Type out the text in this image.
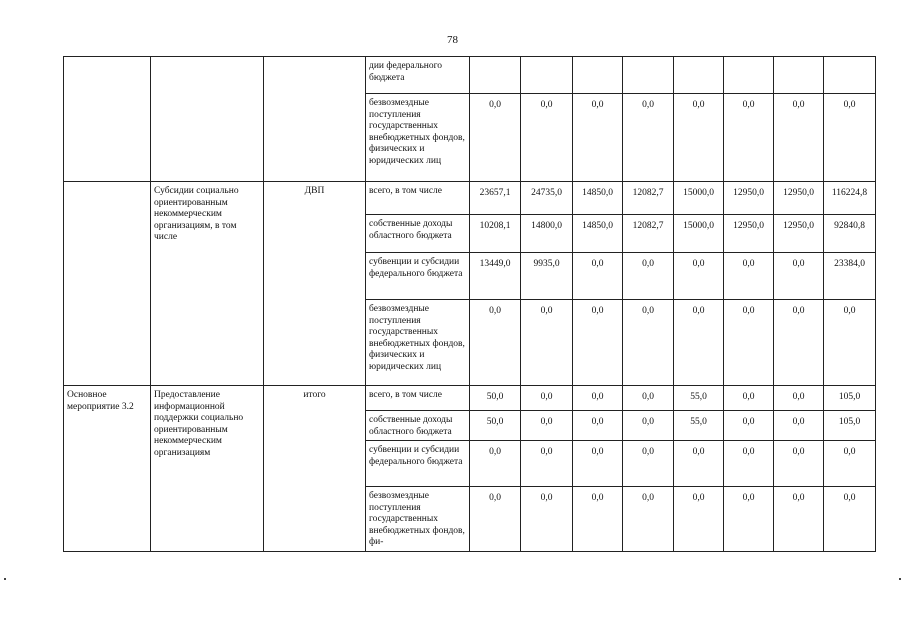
78
			дии федерального бюджета								
			безвозмездные поступления государственных внебюджетных фондов, физических и юридических лиц	0,0	0,0	0,0	0,0	0,0	0,0	0,0	0,0
	Субсидии социально ориентированным некоммерческим организациям, в том числе	ДВП	всего, в том числе	23657,1	24735,0	14850,0	12082,7	15000,0	12950,0	12950,0	116224,8
			собственные доходы областного бюджета	10208,1	14800,0	14850,0	12082,7	15000,0	12950,0	12950,0	92840,8
			субвенции и субсидии федерального бюджета	13449,0	9935,0	0,0	0,0	0,0	0,0	0,0	23384,0
			безвозмездные поступления государственных внебюджетных фондов, физических и юридических лиц	0,0	0,0	0,0	0,0	0,0	0,0	0,0	0,0
Основное мероприятие 3.2	Предоставление информационной поддержки социально ориентированным некоммерческим организациям	итого	всего, в том числе	50,0	0,0	0,0	0,0	55,0	0,0	0,0	105,0
			собственные доходы областного бюджета	50,0	0,0	0,0	0,0	55,0	0,0	0,0	105,0
			субвенции и субсидии федерального бюджета	0,0	0,0	0,0	0,0	0,0	0,0	0,0	0,0
			безвозмездные поступления государственных внебюджетных фондов, фи-	0,0	0,0	0,0	0,0	0,0	0,0	0,0	0,0
